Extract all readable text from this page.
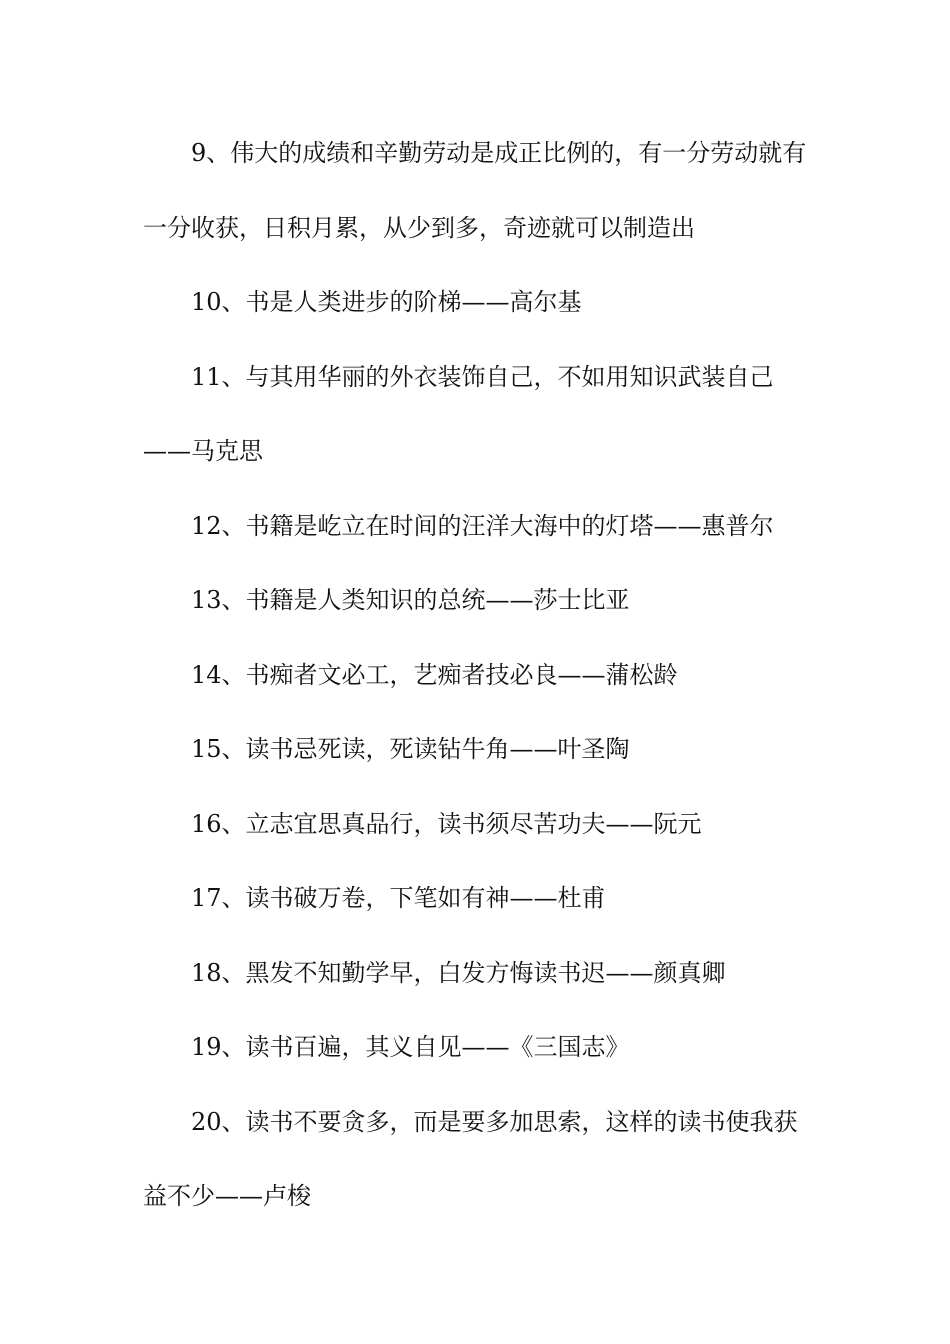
9、伟大的成绩和辛勤劳动是成正比例的，有一分劳动就有一分收获，日积月累，从少到多，奇迹就可以制造出

10、书是人类进步的阶梯——高尔基

11、与其用华丽的外衣装饰自己，不如用知识武装自己——马克思

12、书籍是屹立在时间的汪洋大海中的灯塔——惠普尔

13、书籍是人类知识的总统——莎士比亚

14、书痴者文必工，艺痴者技必良——蒲松龄

15、读书忌死读，死读钻牛角——叶圣陶

16、立志宜思真品行，读书须尽苦功夫——阮元

17、读书破万卷，下笔如有神——杜甫

18、黑发不知勤学早，白发方悔读书迟——颜真卿

19、读书百遍，其义自见——《三国志》

20、读书不要贪多，而是要多加思索，这样的读书使我获益不少——卢梭
